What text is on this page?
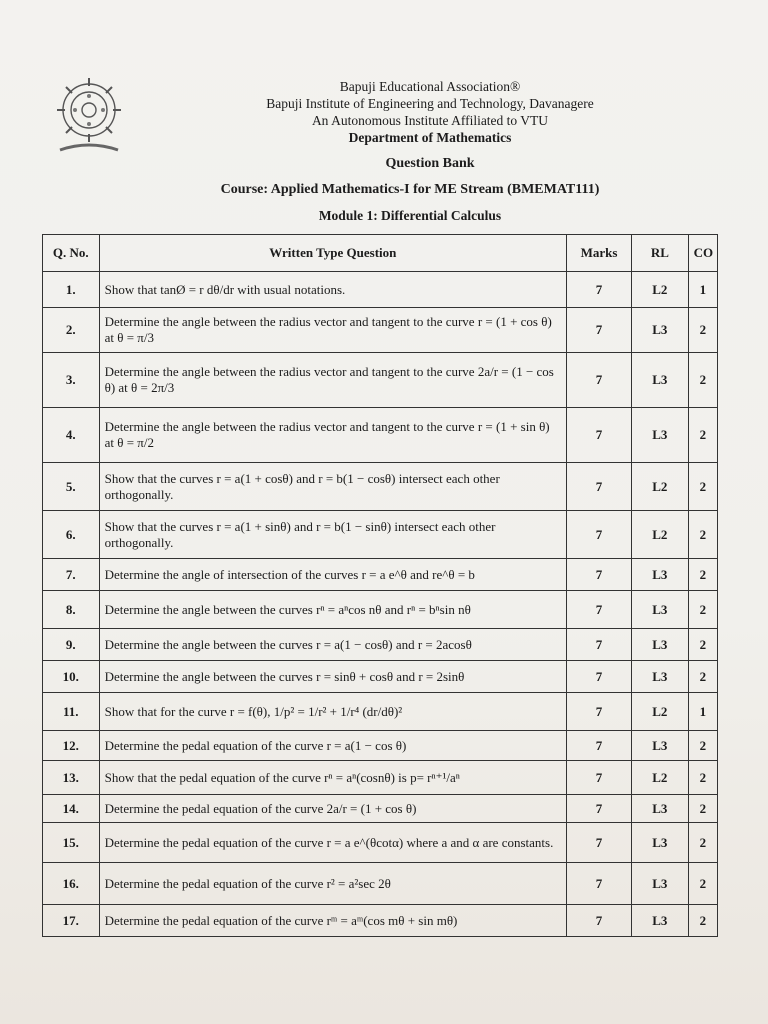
Bapuji Educational Association®
Bapuji Institute of Engineering and Technology, Davanagere
An Autonomous Institute Affiliated to VTU
Department of Mathematics
Question Bank
Course: Applied Mathematics-I for ME Stream (BMEMAT111)
Module 1: Differential Calculus
Q. No.	Written Type Question	Marks	RL	CO
1.	Show that tanØ = r dθ/dr with usual notations.	7	L2	1
2.	Determine the angle between the radius vector and tangent to the curve r = (1 + cos θ) at θ = π/3	7	L3	2
3.	Determine the angle between the radius vector and tangent to the curve 2a/r = (1 − cos θ) at θ = 2π/3	7	L3	2
4.	Determine the angle between the radius vector and tangent to the curve r = (1 + sin θ) at θ = π/2	7	L3	2
5.	Show that the curves r = a(1 + cosθ) and r = b(1 − cosθ) intersect each other orthogonally.	7	L2	2
6.	Show that the curves r = a(1 + sinθ) and r = b(1 − sinθ) intersect each other orthogonally.	7	L2	2
7.	Determine the angle of intersection of the curves r = a e^θ and re^θ = b	7	L3	2
8.	Determine the angle between the curves rⁿ = aⁿcos nθ and rⁿ = bⁿsin nθ	7	L3	2
9.	Determine the angle between the curves r = a(1 − cosθ) and r = 2acosθ	7	L3	2
10.	Determine the angle between the curves r = sinθ + cosθ and r = 2sinθ	7	L3	2
11.	Show that for the curve r = f(θ), 1/p² = 1/r² + 1/r⁴ (dr/dθ)²	7	L2	1
12.	Determine the pedal equation of the curve r = a(1 − cos θ)	7	L3	2
13.	Show that the pedal equation of the curve rⁿ = aⁿ(cosnθ) is p= rⁿ⁺¹/aⁿ	7	L2	2
14.	Determine the pedal equation of the curve 2a/r = (1 + cos θ)	7	L3	2
15.	Determine the pedal equation of the curve r = a e^(θcotα) where a and α are constants.	7	L3	2
16.	Determine the pedal equation of the curve r² = a²sec 2θ	7	L3	2
17.	Determine the pedal equation of the curve rᵐ = aᵐ(cos mθ + sin mθ)	7	L3	2
